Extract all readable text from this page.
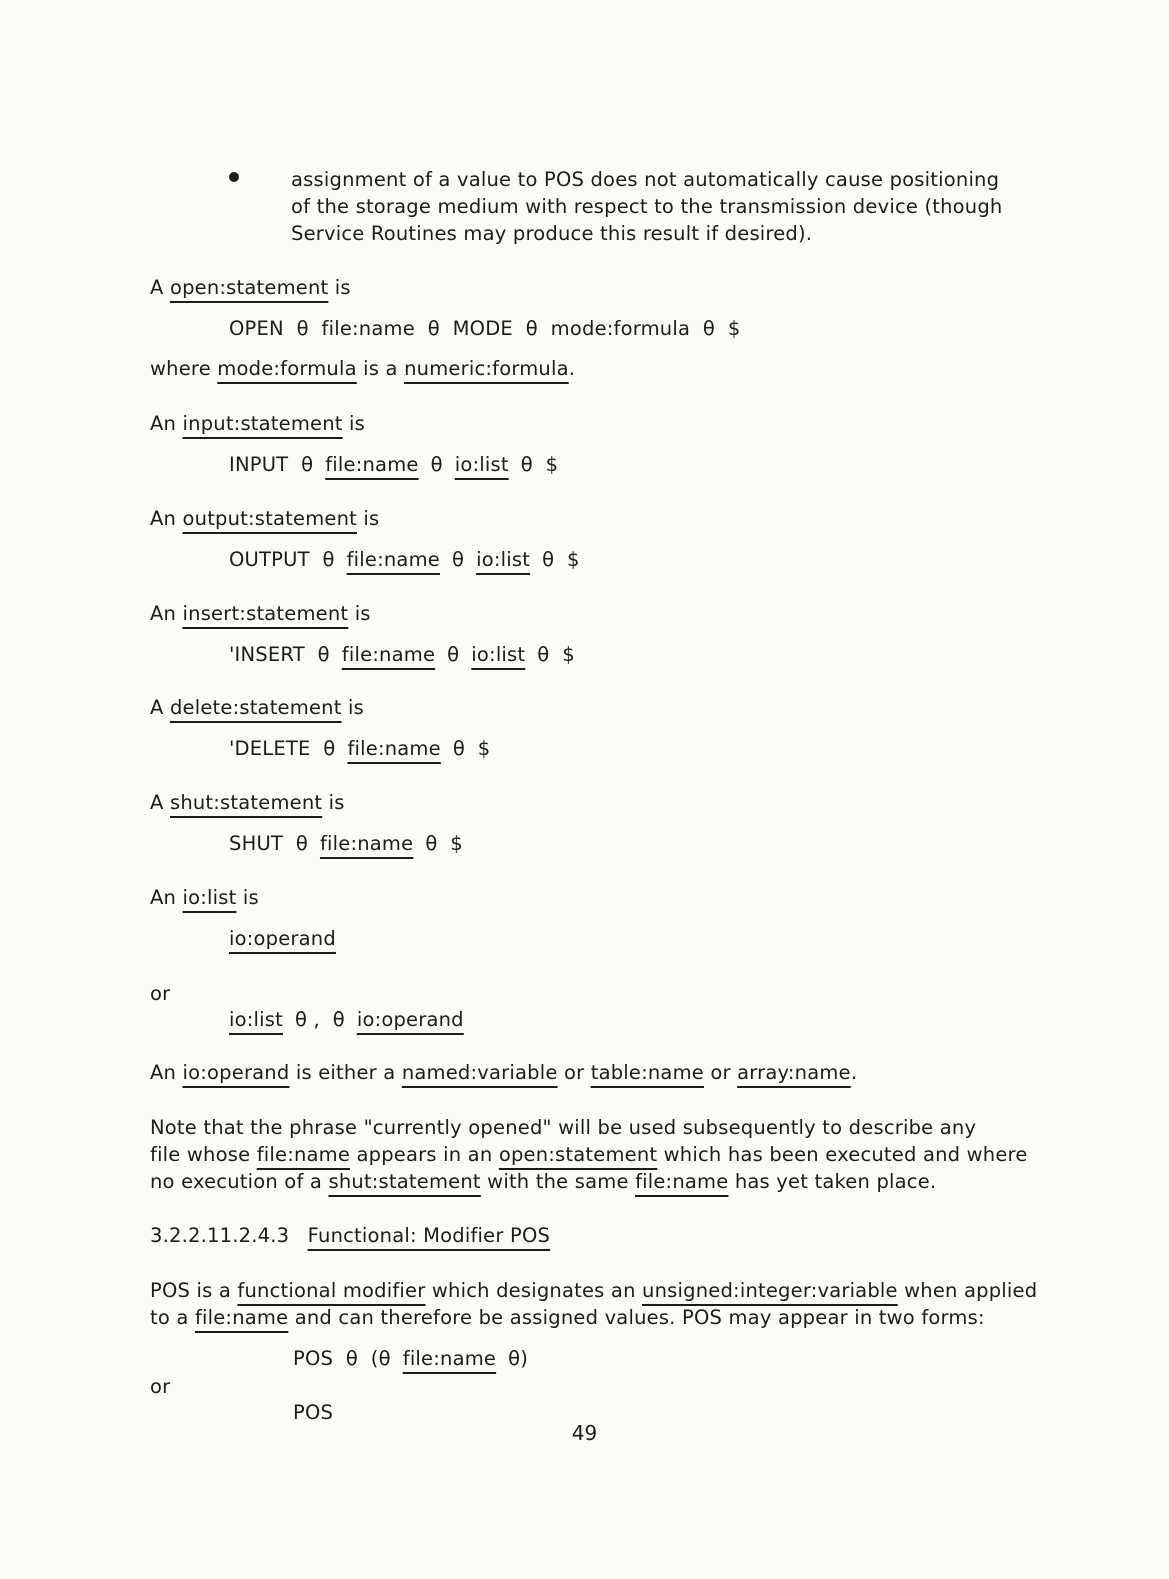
assignment of a value to POS does not automatically cause positioning
of the storage medium with respect to the transmission device (though
Service Routines may produce this result if desired).
A open:statement is
OPEN  θ  file:name  θ  MODE  θ  mode:formula  θ  $
where mode:formula is a numeric:formula.
An input:statement is
INPUT  θ file:name θ io:list θ  $
An output:statement is
OUTPUT  θ file:name θ io:list θ  $
An insert:statement is
'INSERT  θ file:name θ io:list θ  $
A delete:statement is
'DELETE  θ file:name θ  $
A shut:statement is
SHUT  θ file:name θ  $
An io:list is
io:operand
or
io:list θ ,  θ io:operand
An io:operand is either a named:variable or table:name or array:name.
Note that the phrase "currently opened" will be used subsequently to describe any
file whose file:name appears in an open:statement which has been executed and where
no execution of a shut:statement with the same file:name has yet taken place.
3.2.2.11.2.4.3 Functional: Modifier POS
POS is a functional modifier which designates an unsigned:integer:variable when applied
to a file:name and can therefore be assigned values. POS may appear in two forms:
POS  θ  (θ file:name θ)
or
POS
49
